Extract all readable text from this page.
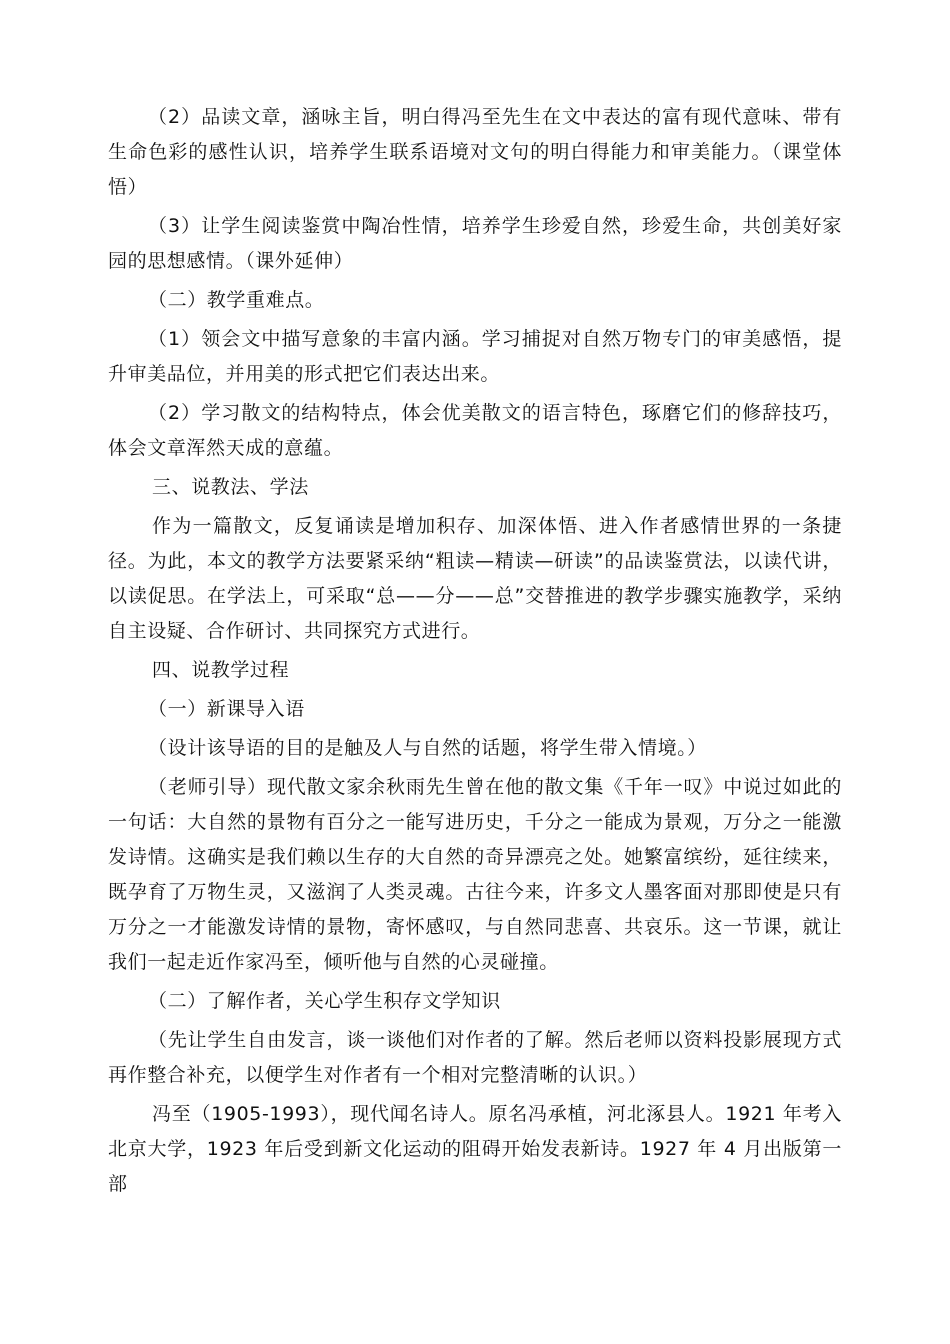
（2）品读文章，涵咏主旨，明白得冯至先生在文中表达的富有现代意味、带有生命色彩的感性认识，培养学生联系语境对文句的明白得能力和审美能力。（课堂体悟）

（3）让学生阅读鉴赏中陶冶性情，培养学生珍爱自然，珍爱生命，共创美好家园的思想感情。（课外延伸）

（二）教学重难点。

（1）领会文中描写意象的丰富内涵。学习捕捉对自然万物专门的审美感悟，提升审美品位，并用美的形式把它们表达出来。

（2）学习散文的结构特点，体会优美散文的语言特色，琢磨它们的修辞技巧，体会文章浑然天成的意蕴。

三、说教法、学法

作为一篇散文，反复诵读是增加积存、加深体悟、进入作者感情世界的一条捷径。为此，本文的教学方法要紧采纳“粗读—精读—研读”的品读鉴赏法，以读代讲，以读促思。在学法上，可采取“总——分——总”交替推进的教学步骤实施教学，采纳自主设疑、合作研讨、共同探究方式进行。

四、说教学过程

（一）新课导入语

（设计该导语的目的是触及人与自然的话题，将学生带入情境。）

（老师引导）现代散文家余秋雨先生曾在他的散文集《千年一叹》中说过如此的一句话：大自然的景物有百分之一能写进历史，千分之一能成为景观，万分之一能激发诗情。这确实是我们赖以生存的大自然的奇异漂亮之处。她繁富缤纷，延往续来，既孕育了万物生灵，又滋润了人类灵魂。古往今来，许多文人墨客面对那即使是只有万分之一才能激发诗情的景物，寄怀感叹，与自然同悲喜、共哀乐。这一节课，就让我们一起走近作家冯至，倾听他与自然的心灵碰撞。

（二）了解作者，关心学生积存文学知识

（先让学生自由发言，谈一谈他们对作者的了解。然后老师以资料投影展现方式再作整合补充，以便学生对作者有一个相对完整清晰的认识。）

冯至（1905-1993），现代闻名诗人。原名冯承植，河北涿县人。1921 年考入北京大学，1923 年后受到新文化运动的阻碍开始发表新诗。1927 年 4 月出版第一部
